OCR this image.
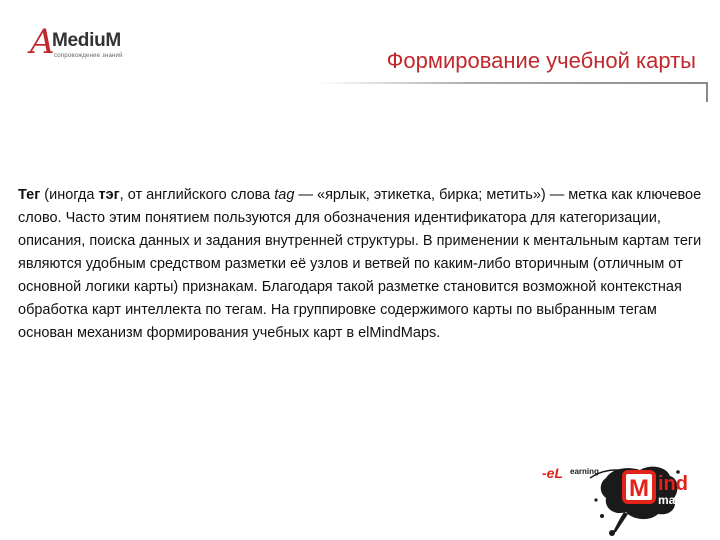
A
MediuM
сопровождение знаний	Формирование учебной карты

Тег (иногда тэг, от английского слова tag — «ярлык, этикетка, бирка; метить») — метка как ключевое слово. Часто этим понятием пользуются для обозначения идентификатора для категоризации, описания, поиска данных и задания внутренней структуры. В применении к ментальным картам теги являются удобным средством разметки её узлов и ветвей по каким-либо вторичным (отличным от основной логики карты) признакам. Благодаря такой разметке становится возможной контекстная обработка карт интеллекта по тегам. На группировке содержимого карты по выбранным тегам основан механизм формирования учебных карт в elMindMaps.

M ind
map...
-eL earning
